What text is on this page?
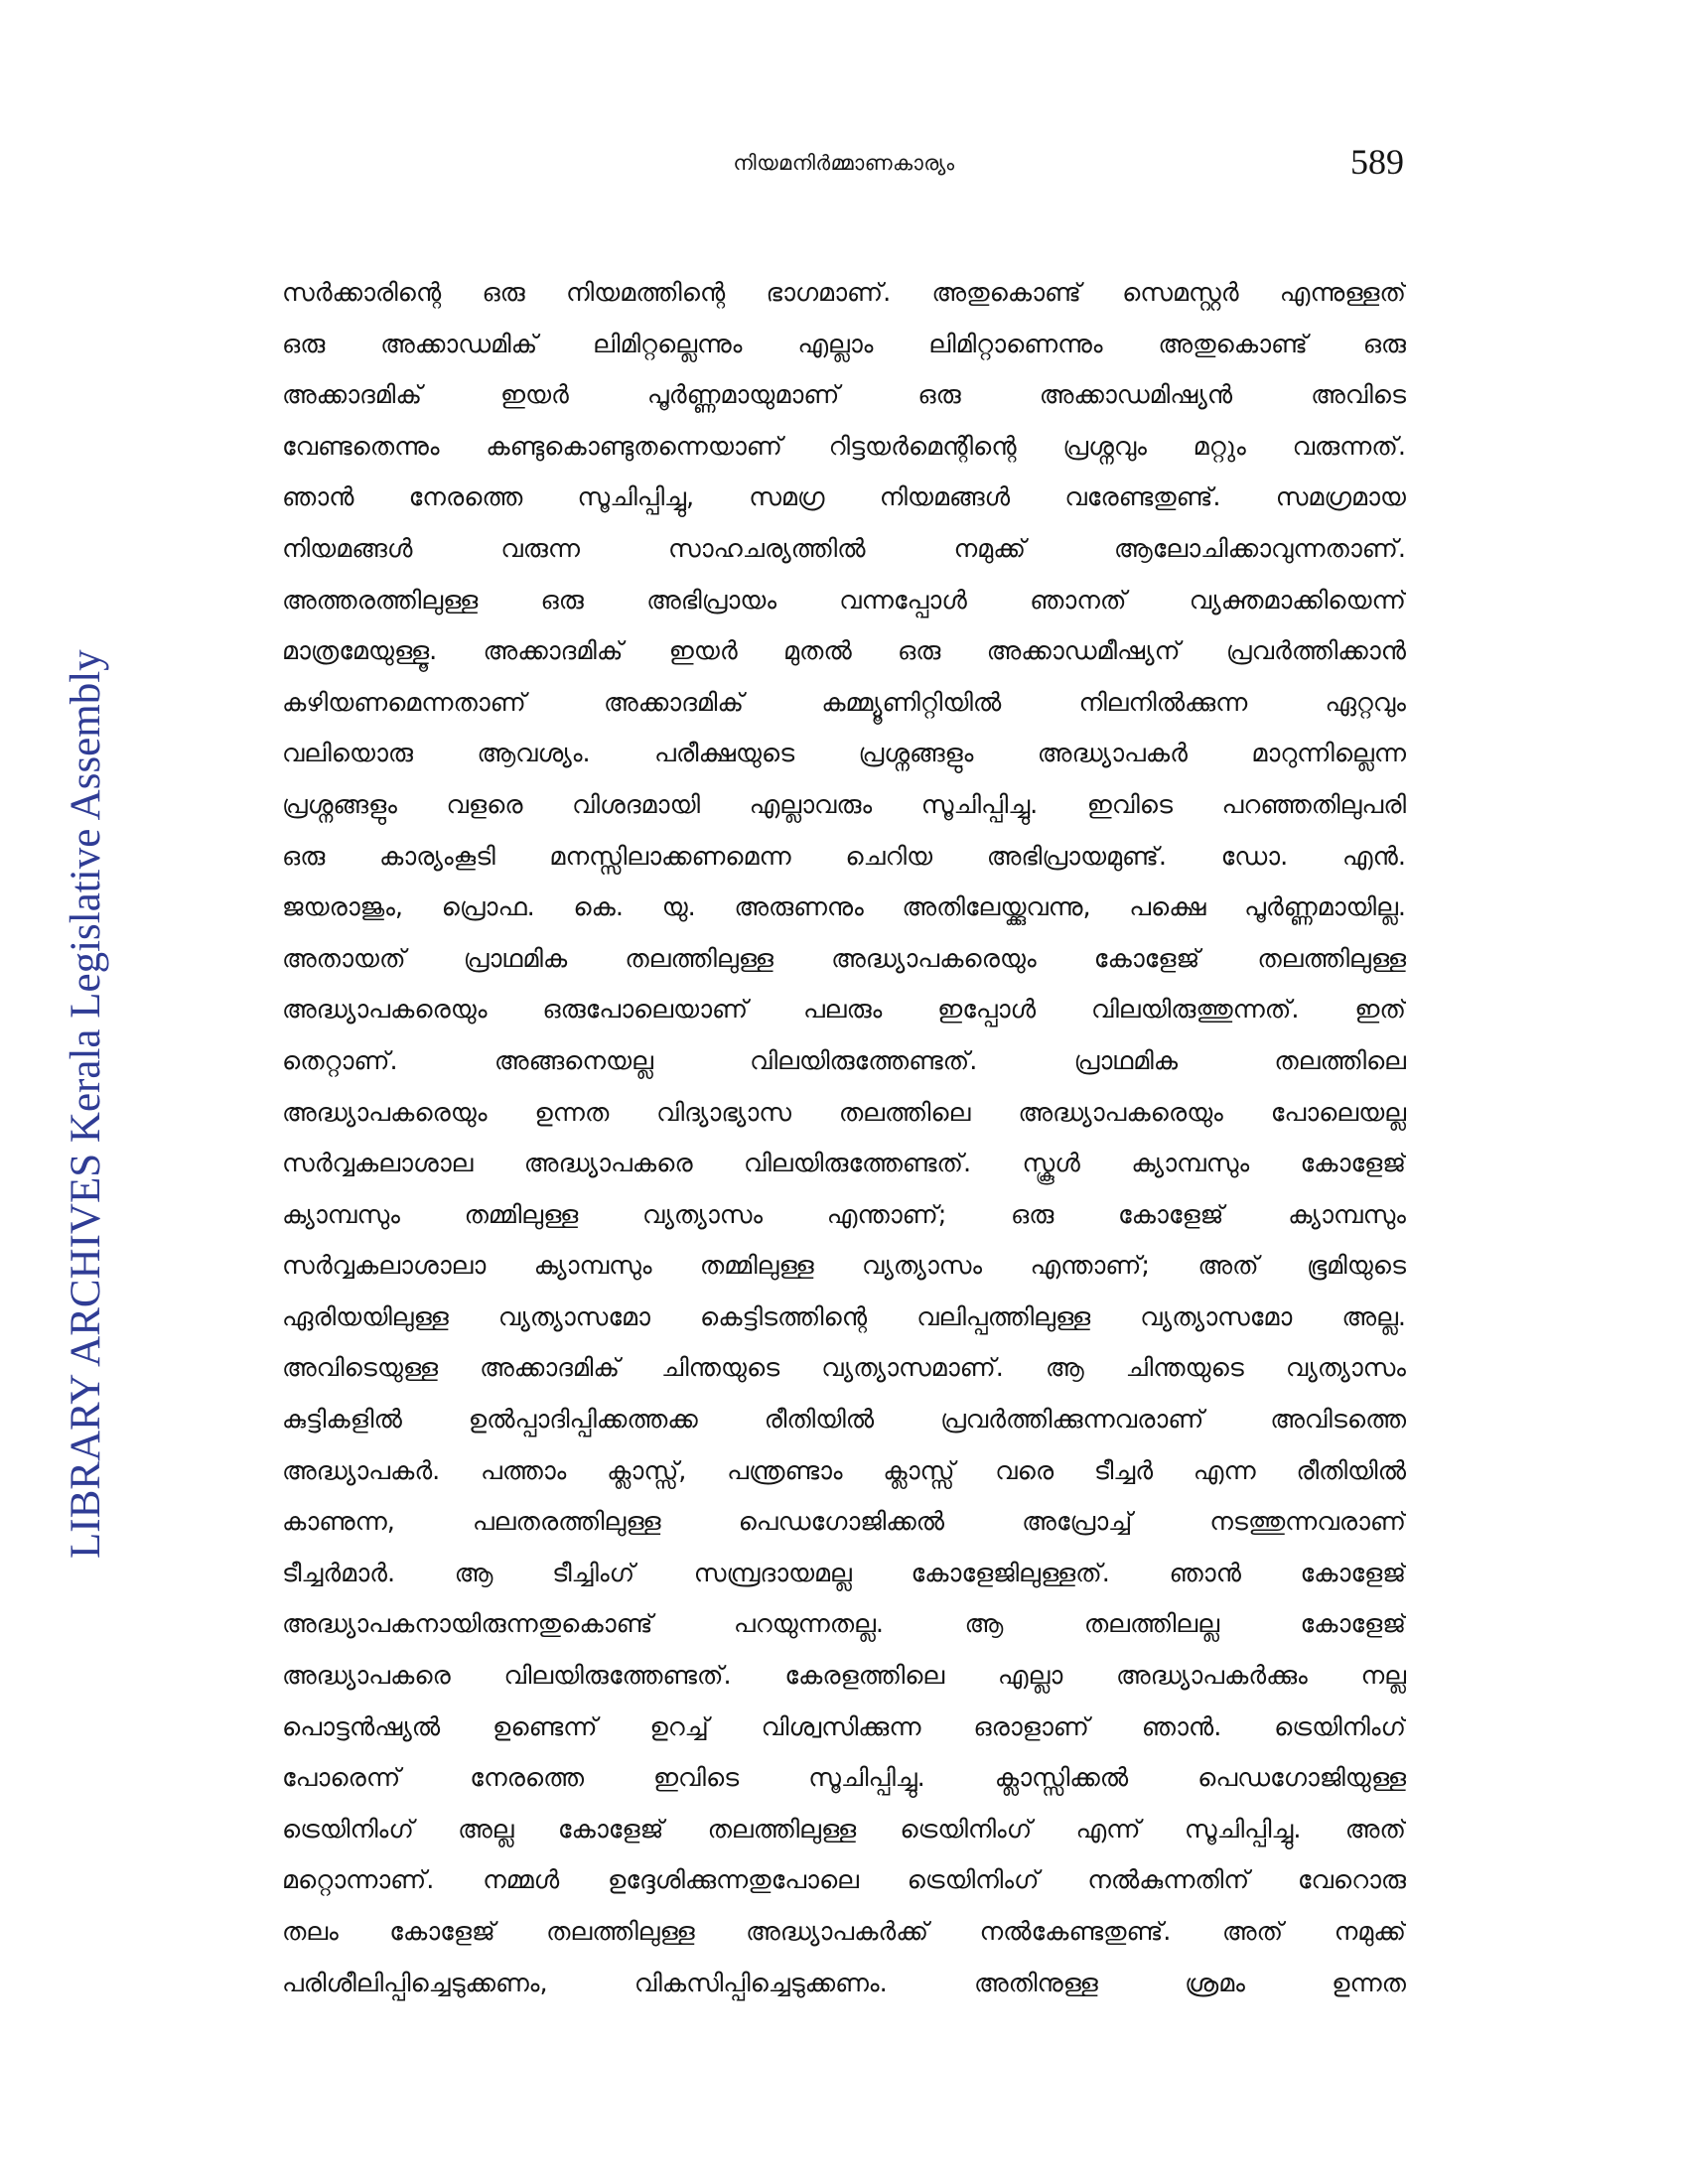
നിയമനിർമ്മാണകാര്യം	589
LIBRARY ARCHIVES Kerala Legislative Assembly
സർക്കാരിന്റെ ഒരു നിയമത്തിന്റെ ഭാഗമാണ്. അതുകൊണ്ട് സെമസ്റ്റർ എന്നുള്ളത്
ഒരു അക്കാഡമിക് ലിമിറ്റല്ലെന്നും എല്ലാം ലിമിറ്റാണെന്നും അതുകൊണ്ട് ഒരു
അക്കാദമിക് ഇയർ പൂർണ്ണമായുമാണ് ഒരു അക്കാഡമിഷ്യൻ അവിടെ
വേണ്ടതെന്നും കണ്ടുകൊണ്ടുതന്നെയാണ് റിട്ടയർമെന്റിന്റെ പ്രശ്നവും മറ്റും വരുന്നത്.
ഞാൻ നേരത്തെ സൂചിപ്പിച്ചു, സമഗ്ര നിയമങ്ങൾ വരേണ്ടതുണ്ട്. സമഗ്രമായ
നിയമങ്ങൾ വരുന്ന സാഹചര്യത്തിൽ നമുക്ക് ആലോചിക്കാവുന്നതാണ്.
അത്തരത്തിലുള്ള ഒരു അഭിപ്രായം വന്നപ്പോൾ ഞാനത് വ്യക്തമാക്കിയെന്ന്
മാത്രമേയുള്ളൂ. അക്കാദമിക് ഇയർ മുതൽ ഒരു അക്കാഡമീഷ്യന് പ്രവർത്തിക്കാൻ
കഴിയണമെന്നതാണ് അക്കാദമിക് കമ്മ്യൂണിറ്റിയിൽ നിലനിൽക്കുന്ന ഏറ്റവും
വലിയൊരു ആവശ്യം. പരീക്ഷയുടെ പ്രശ്നങ്ങളും അദ്ധ്യാപകർ മാറുന്നില്ലെന്ന
പ്രശ്നങ്ങളും വളരെ വിശദമായി എല്ലാവരും സൂചിപ്പിച്ചു. ഇവിടെ പറഞ്ഞതിലുപരി
ഒരു കാര്യംകൂടി മനസ്സിലാക്കണമെന്ന ചെറിയ അഭിപ്രായമുണ്ട്. ഡോ. എൻ.
ജയരാജും, പ്രൊഫ. കെ. യു. അരുണനും അതിലേയ്ക്കുവന്നു, പക്ഷെ പൂർണ്ണമായില്ല.
അതായത് പ്രാഥമിക തലത്തിലുള്ള അദ്ധ്യാപകരെയും കോളേജ് തലത്തിലുള്ള
അദ്ധ്യാപകരെയും ഒരുപോലെയാണ് പലരും ഇപ്പോൾ വിലയിരുത്തുന്നത്. ഇത്
തെറ്റാണ്. അങ്ങനെയല്ല വിലയിരുത്തേണ്ടത്. പ്രാഥമിക തലത്തിലെ
അദ്ധ്യാപകരെയും ഉന്നത വിദ്യാഭ്യാസ തലത്തിലെ അദ്ധ്യാപകരെയും പോലെയല്ല
സർവ്വകലാശാല അദ്ധ്യാപകരെ വിലയിരുത്തേണ്ടത്. സ്കൂൾ ക്യാമ്പസും കോളേജ്
ക്യാമ്പസും തമ്മിലുള്ള വ്യത്യാസം എന്താണ്; ഒരു കോളേജ് ക്യാമ്പസും
സർവ്വകലാശാലാ ക്യാമ്പസും തമ്മിലുള്ള വ്യത്യാസം എന്താണ്; അത് ഭൂമിയുടെ
ഏരിയയിലുള്ള വ്യത്യാസമോ കെട്ടിടത്തിന്റെ വലിപ്പത്തിലുള്ള വ്യത്യാസമോ അല്ല.
അവിടെയുള്ള അക്കാദമിക് ചിന്തയുടെ വ്യത്യാസമാണ്. ആ ചിന്തയുടെ വ്യത്യാസം
കുട്ടികളിൽ ഉൽപ്പാദിപ്പിക്കത്തക്ക രീതിയിൽ പ്രവർത്തിക്കുന്നവരാണ് അവിടത്തെ
അദ്ധ്യാപകർ. പത്താം ക്ലാസ്സ്, പന്ത്രണ്ടാം ക്ലാസ്സ് വരെ ടീച്ചർ എന്ന രീതിയിൽ
കാണുന്ന, പലതരത്തിലുള്ള പെഡഗോജിക്കൽ അപ്രോച്ച് നടത്തുന്നവരാണ്
ടീച്ചർമാർ. ആ ടീച്ചിംഗ് സമ്പ്രദായമല്ല കോളേജിലുള്ളത്. ഞാൻ കോളേജ്
അദ്ധ്യാപകനായിരുന്നതുകൊണ്ട് പറയുന്നതല്ല. ആ തലത്തിലല്ല കോളേജ്
അദ്ധ്യാപകരെ വിലയിരുത്തേണ്ടത്. കേരളത്തിലെ എല്ലാ അദ്ധ്യാപകർക്കും നല്ല
പൊട്ടൻഷ്യൽ ഉണ്ടെന്ന് ഉറച്ച് വിശ്വസിക്കുന്ന ഒരാളാണ് ഞാൻ. ട്രെയിനിംഗ്
പോരെന്ന് നേരത്തെ ഇവിടെ സൂചിപ്പിച്ചു. ക്ലാസ്സിക്കൽ പെഡഗോജിയുള്ള
ട്രെയിനിംഗ് അല്ല കോളേജ് തലത്തിലുള്ള ട്രെയിനിംഗ് എന്ന് സൂചിപ്പിച്ചു. അത്
മറ്റൊന്നാണ്. നമ്മൾ ഉദ്ദേശിക്കുന്നതുപോലെ ട്രെയിനിംഗ് നൽകുന്നതിന് വേറൊരു
തലം കോളേജ് തലത്തിലുള്ള അദ്ധ്യാപകർക്ക് നൽകേണ്ടതുണ്ട്. അത് നമുക്ക്
പരിശീലിപ്പിച്ചെടുക്കണം, വികസിപ്പിച്ചെടുക്കണം. അതിനുള്ള ശ്രമം ഉന്നത
